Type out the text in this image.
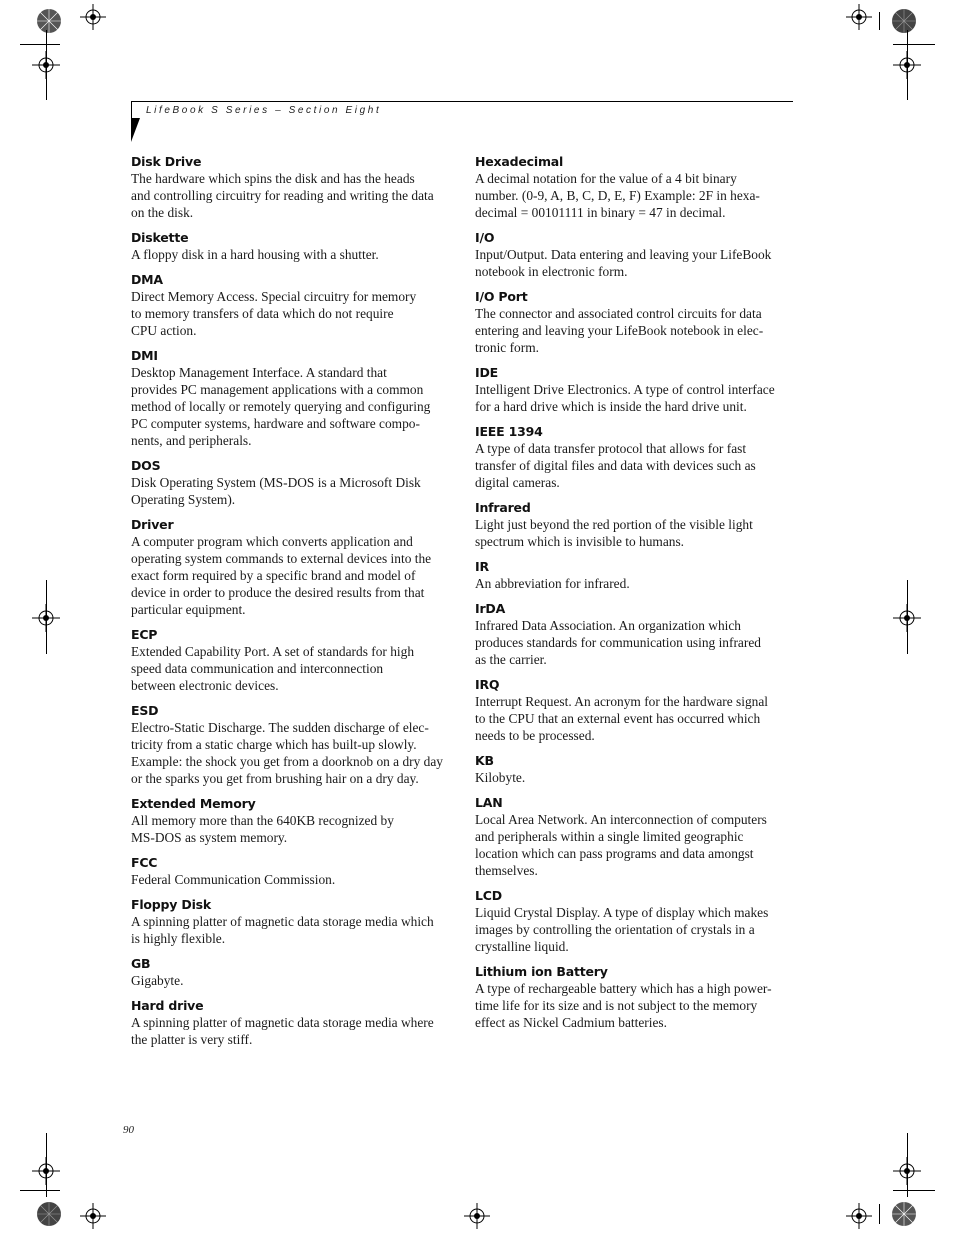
LifeBook S Series – Section Eight
Disk Drive
The hardware which spins the disk and has the heads
and controlling circuitry for reading and writing the data
on the disk.
Diskette
A floppy disk in a hard housing with a shutter.
DMA
Direct Memory Access. Special circuitry for memory
to memory transfers of data which do not require
CPU action.
DMI
Desktop Management Interface. A standard that
provides PC management applications with a common
method of locally or remotely querying and configuring
PC computer systems, hardware and software compo-
nents, and peripherals.
DOS
Disk Operating System (MS-DOS is a Microsoft Disk
Operating System).
Driver
A computer program which converts application and
operating system commands to external devices into the
exact form required by a specific brand and model of
device in order to produce the desired results from that
particular equipment.
ECP
Extended Capability Port. A set of standards for high
speed data communication and interconnection
between electronic devices.
ESD
Electro-Static Discharge. The sudden discharge of elec-
tricity from a static charge which has built-up slowly.
Example: the shock you get from a doorknob on a dry day
or the sparks you get from brushing hair on a dry day.
Extended Memory
All memory more than the 640KB recognized by
MS-DOS as system memory.
FCC
Federal Communication Commission.
Floppy Disk
A spinning platter of magnetic data storage media which
is highly flexible.
GB
Gigabyte.
Hard drive
A spinning platter of magnetic data storage media where
the platter is very stiff.
Hexadecimal
A decimal notation for the value of a 4 bit binary
number. (0-9, A, B, C, D, E, F) Example: 2F in hexa-
decimal = 00101111 in binary = 47 in decimal.
I/O
Input/Output. Data entering and leaving your LifeBook
notebook in electronic form.
I/O Port
The connector and associated control circuits for data
entering and leaving your LifeBook notebook in elec-
tronic form.
IDE
Intelligent Drive Electronics. A type of control interface
for a hard drive which is inside the hard drive unit.
IEEE 1394
A type of data transfer protocol that allows for fast
transfer of digital files and data with devices such as
digital cameras.
Infrared
Light just beyond the red portion of the visible light
spectrum which is invisible to humans.
IR
An abbreviation for infrared.
IrDA
Infrared Data Association. An organization which
produces standards for communication using infrared
as the carrier.
IRQ
Interrupt Request. An acronym for the hardware signal
to the CPU that an external event has occurred which
needs to be processed.
KB
Kilobyte.
LAN
Local Area Network. An interconnection of computers
and peripherals within a single limited geographic
location which can pass programs and data amongst
themselves.
LCD
Liquid Crystal Display. A type of display which makes
images by controlling the orientation of crystals in a
crystalline liquid.
Lithium ion Battery
A type of rechargeable battery which has a high power-
time life for its size and is not subject to the memory
effect as Nickel Cadmium batteries.
90
